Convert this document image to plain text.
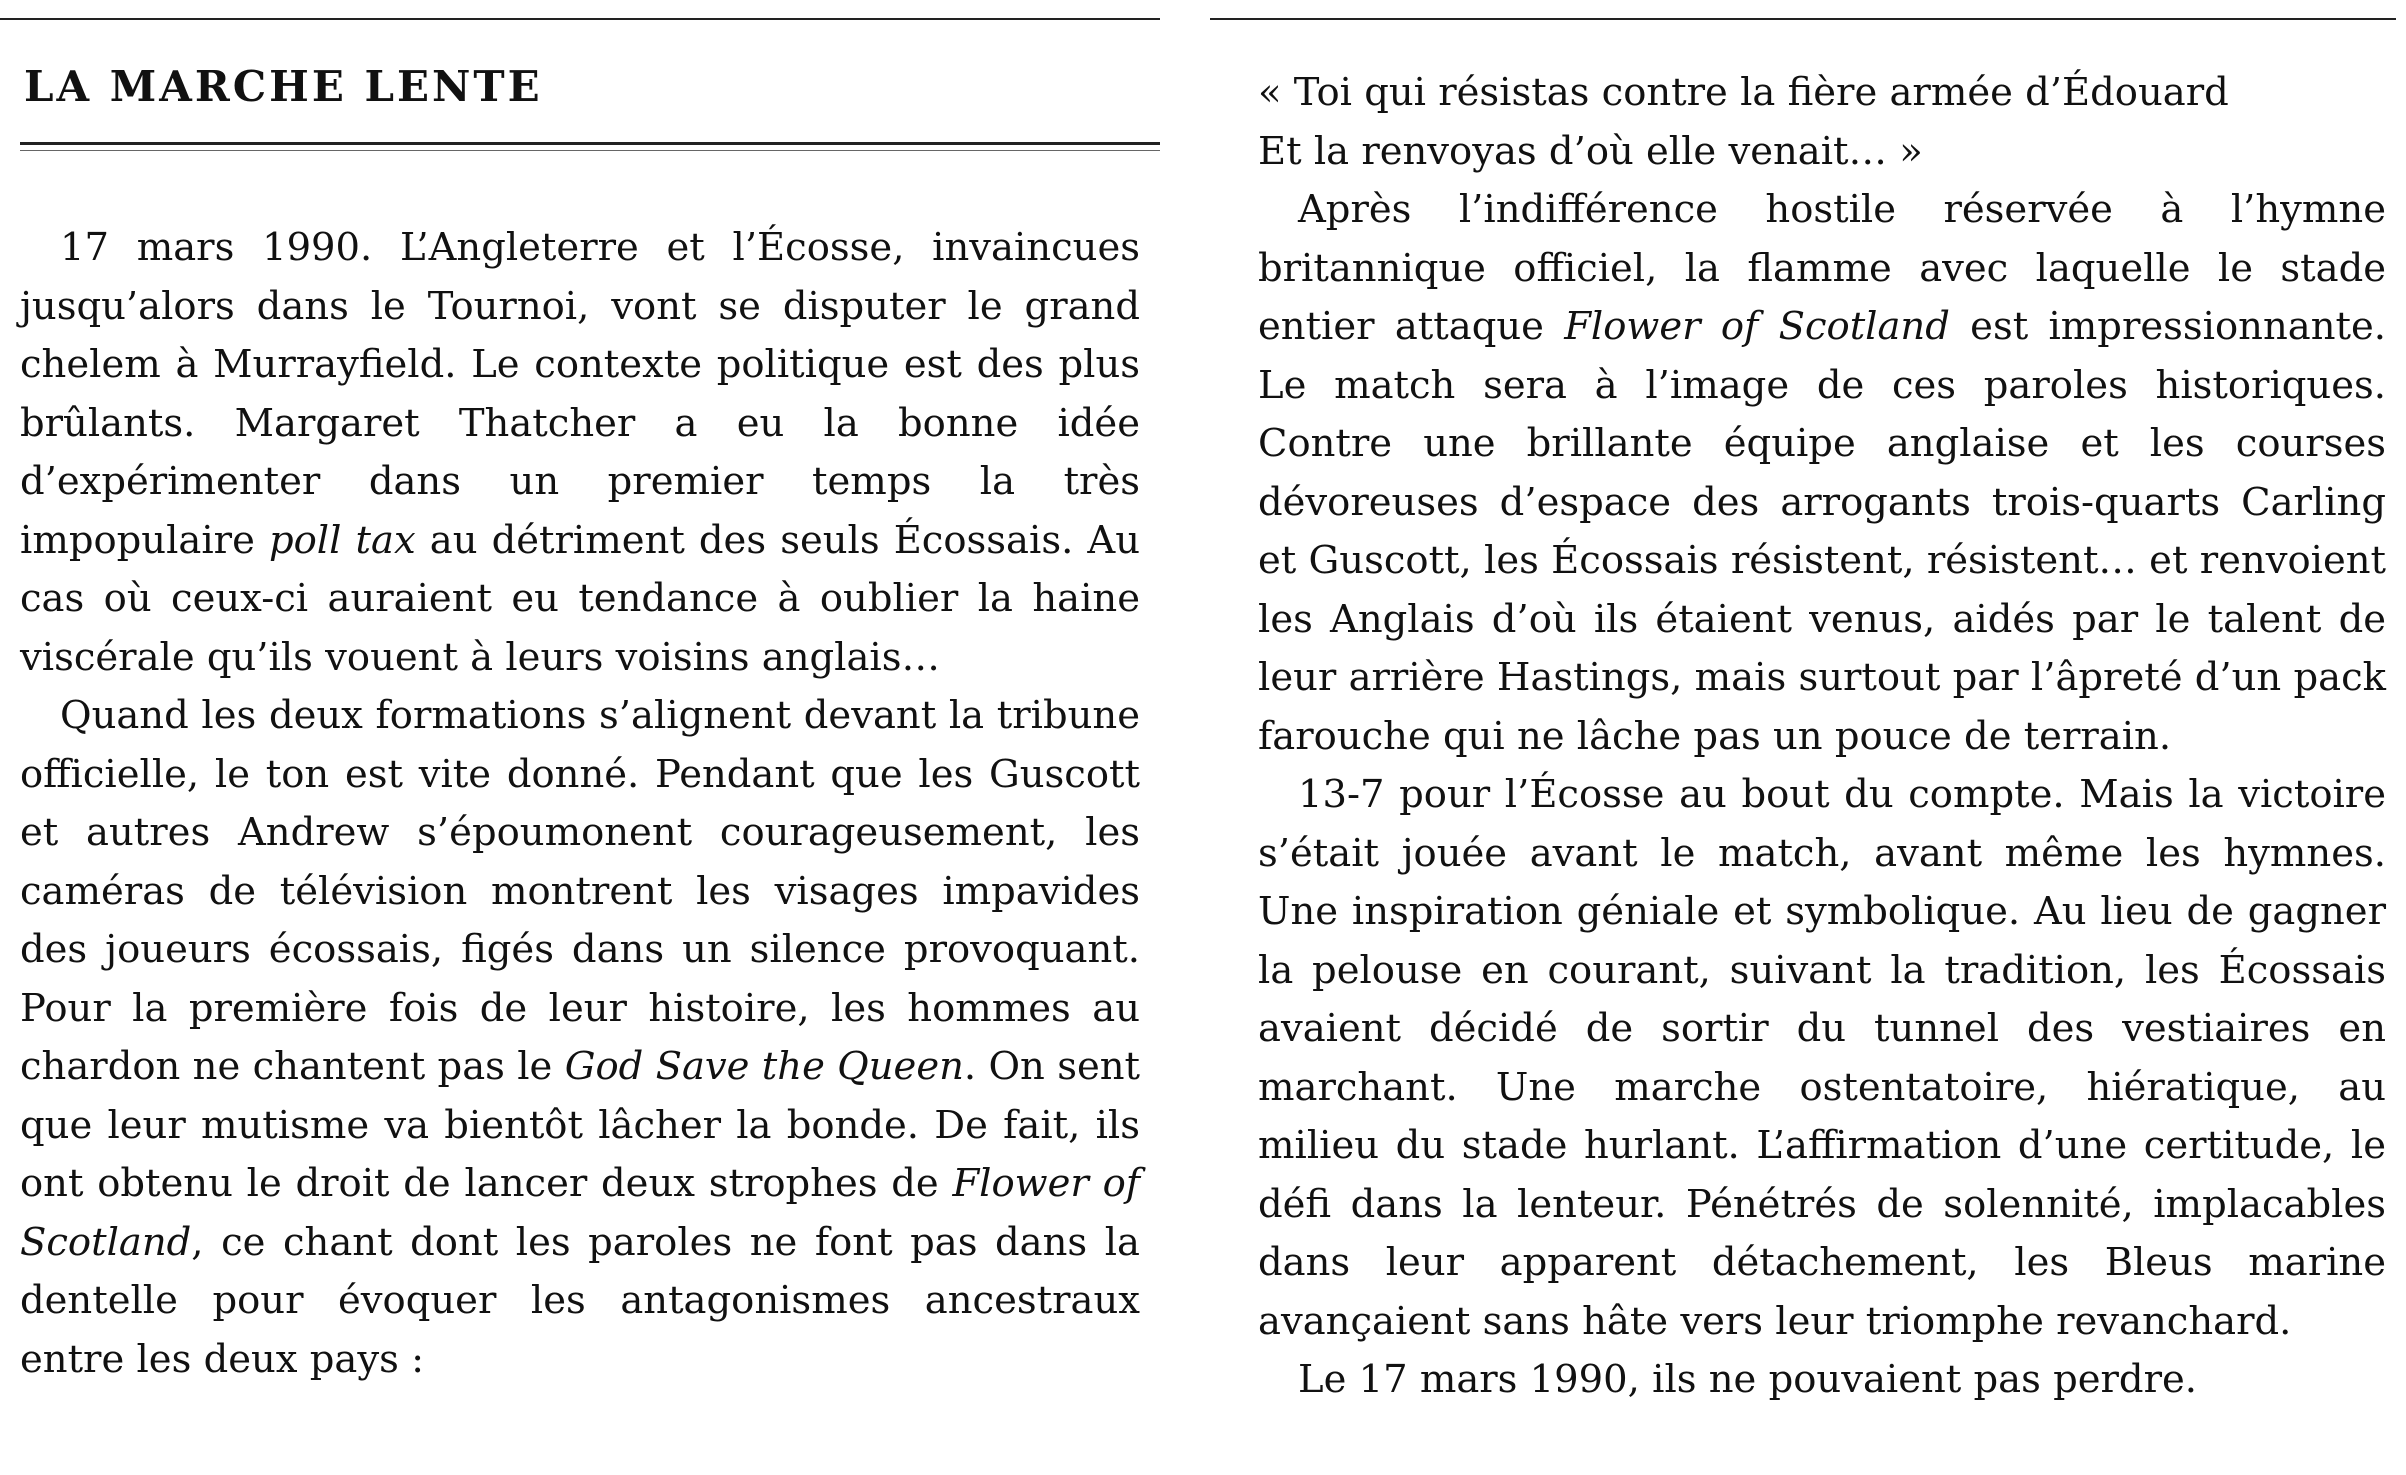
LA MARCHE LENTE

17 mars 1990. L’Angleterre et l’Écosse, invaincues jusqu’alors dans le Tournoi, vont se disputer le grand chelem à Murrayfield. Le contexte politique est des plus brûlants. Margaret Thatcher a eu la bonne idée d’expérimenter dans un premier temps la très impopulaire poll tax au détriment des seuls Écossais. Au cas où ceux-ci auraient eu tendance à oublier la haine viscérale qu’ils vouent à leurs voisins anglais…

Quand les deux formations s’alignent devant la tribune officielle, le ton est vite donné. Pendant que les Guscott et autres Andrew s’époumonent courageusement, les caméras de télévision montrent les visages impavides des joueurs écossais, figés dans un silence provoquant. Pour la première fois de leur histoire, les hommes au chardon ne chantent pas le God Save the Queen. On sent que leur mutisme va bientôt lâcher la bonde. De fait, ils ont obtenu le droit de lancer deux strophes de Flower of Scotland, ce chant dont les paroles ne font pas dans la dentelle pour évoquer les antagonismes ancestraux entre les deux pays :

« Toi qui résistas contre la fière armée d’Édouard

Et la renvoyas d’où elle venait… »

Après l’indifférence hostile réservée à l’hymne britannique officiel, la flamme avec laquelle le stade entier attaque Flower of Scotland est impressionnante. Le match sera à l’image de ces paroles historiques. Contre une brillante équipe anglaise et les courses dévoreuses d’espace des arrogants trois-quarts Carling et Guscott, les Écossais résistent, résistent… et renvoient les Anglais d’où ils étaient venus, aidés par le talent de leur arrière Hastings, mais surtout par l’âpreté d’un pack farouche qui ne lâche pas un pouce de terrain.

13-7 pour l’Écosse au bout du compte. Mais la victoire s’était jouée avant le match, avant même les hymnes. Une inspiration géniale et symbolique. Au lieu de gagner la pelouse en courant, suivant la tradition, les Écossais avaient décidé de sortir du tunnel des vestiaires en marchant. Une marche ostentatoire, hiératique, au milieu du stade hurlant. L’affirmation d’une certitude, le défi dans la lenteur. Pénétrés de solennité, implacables dans leur apparent détachement, les Bleus marine avançaient sans hâte vers leur triomphe revanchard.

Le 17 mars 1990, ils ne pouvaient pas perdre.
